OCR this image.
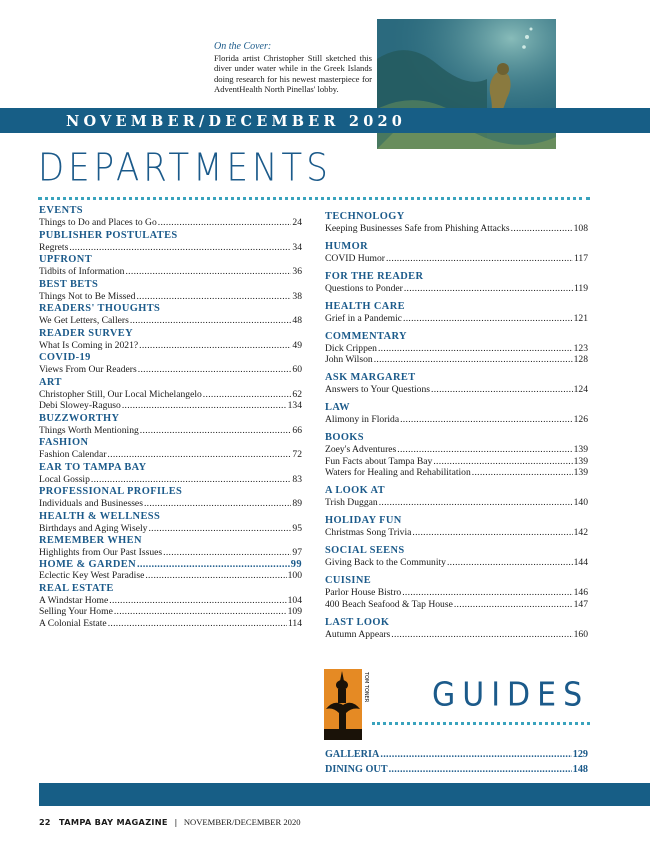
On the Cover:
Florida artist Christopher Still sketched this diver under water while in the Greek Islands doing research for his newest masterpiece for AdventHealth North Pinellas' lobby.
NOVEMBER/DECEMBER 2020
DEPARTMENTS
EVENTS
Things to Do and Places to Go .....	24
PUBLISHER POSTULATES
Regrets .....	34
UPFRONT
Tidbits of Information .....	36
BEST BETS
Things Not to Be Missed .....	38
READERS' THOUGHTS
We Get Letters, Callers .....	48
READER SURVEY
What Is Coming in 2021? .....	49
COVID-19
Views From Our Readers .....	60
ART
Christopher Still, Our Local Michelangelo .....	62
Debi Slowey-Raguso .....	134
BUZZWORTHY
Things Worth Mentioning .....	66
FASHION
Fashion Calendar .....	72
EAR TO TAMPA BAY
Local Gossip .....	83
PROFESSIONAL PROFILES
Individuals and Businesses .....	89
HEALTH & WELLNESS
Birthdays and Aging Wisely .....	95
REMEMBER WHEN
Highlights from Our Past Issues .....	97
HOME & GARDEN .....	99
Eclectic Key West Paradise .....	100
REAL ESTATE
A Windstar Home .....	104
Selling Your Home .....	109
A Colonial Estate .....	114
TECHNOLOGY
Keeping Businesses Safe from Phishing Attacks .....	108
HUMOR
COVID Humor .....	117
FOR THE READER
Questions to Ponder .....	119
HEALTH CARE
Grief in a Pandemic .....	121
COMMENTARY
Dick Crippen .....	123
John Wilson .....	128
ASK MARGARET
Answers to Your Questions .....	124
LAW
Alimony in Florida .....	126
BOOKS
Zoey's Adventures .....	139
Fun Facts about Tampa Bay .....	139
Waters for Healing and Rehabilitation .....	139
A LOOK AT
Trish Duggan .....	140
HOLIDAY FUN
Christmas Song Trivia .....	142
SOCIAL SEENS
Giving Back to the Community .....	144
CUISINE
Parlor House Bistro .....	146
400 Beach Seafood & Tap House .....	147
LAST LOOK
Autumn Appears .....	160
TOM TONER GUIDES
GALLERIA .....	129
DINING OUT .....	148
22 TAMPA BAY MAGAZINE | NOVEMBER/DECEMBER 2020
